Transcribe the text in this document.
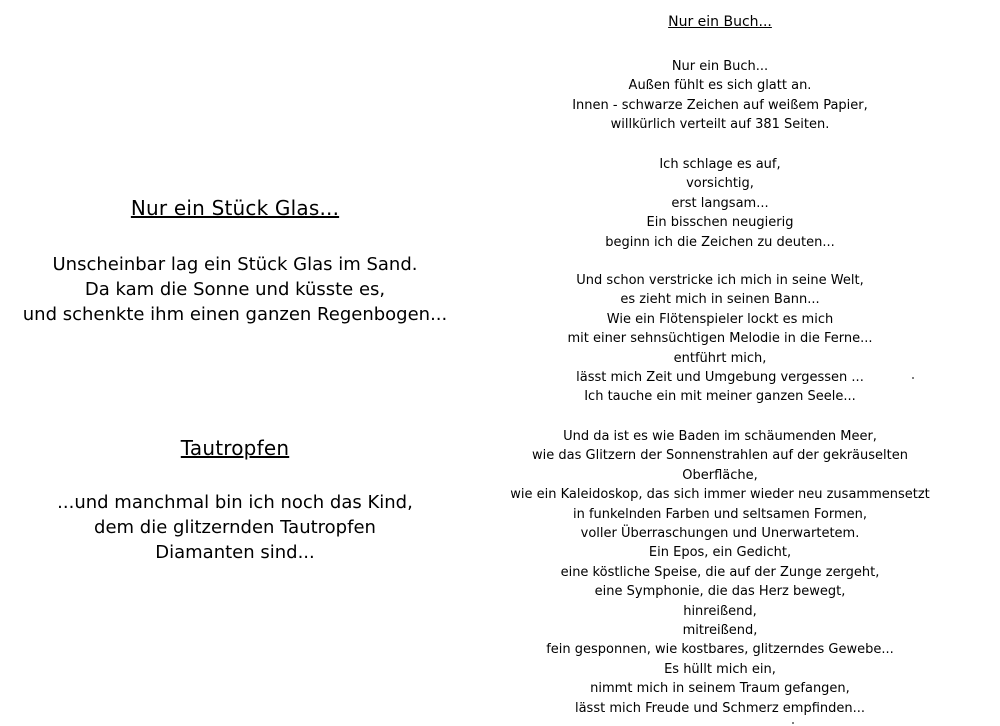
Nur ein Stück Glas...
Unscheinbar lag ein Stück Glas im Sand.
Da kam die Sonne und küsste es,
und schenkte ihm einen ganzen Regenbogen...
Tautropfen
...und manchmal bin ich noch das Kind,
dem die glitzernden Tautropfen
Diamanten sind...
Nur ein Buch...
Nur ein Buch...
Außen fühlt es sich glatt an.
Innen - schwarze Zeichen auf weißem Papier,
willkürlich verteilt auf 381 Seiten.
Ich schlage es auf,
vorsichtig,
erst langsam...
Ein bisschen neugierig
beginn ich die Zeichen zu deuten...
Und schon verstricke ich mich in seine Welt,
es zieht mich in seinen Bann...
Wie ein Flötenspieler lockt es mich
mit einer sehnsüchtigen Melodie in die Ferne...
entführt mich,
lässt mich Zeit und Umgebung vergessen ...
Ich tauche ein mit meiner ganzen Seele...
Und da ist es wie Baden im schäumenden Meer,
wie das Glitzern der Sonnenstrahlen auf der gekräuselten
Oberfläche,
wie ein Kaleidoskop, das sich immer wieder neu zusammensetzt
in funkelnden Farben und seltsamen Formen,
voller Überraschungen und Unerwartetem.
Ein Epos, ein Gedicht,
eine köstliche Speise, die auf der Zunge zergeht,
eine Symphonie, die das Herz bewegt,
hinreißend,
mitreißend,
fein gesponnen, wie kostbares, glitzerndes Gewebe...
Es hüllt mich ein,
nimmt mich in seinem Traum gefangen,
lässt mich Freude und Schmerz empfinden...
